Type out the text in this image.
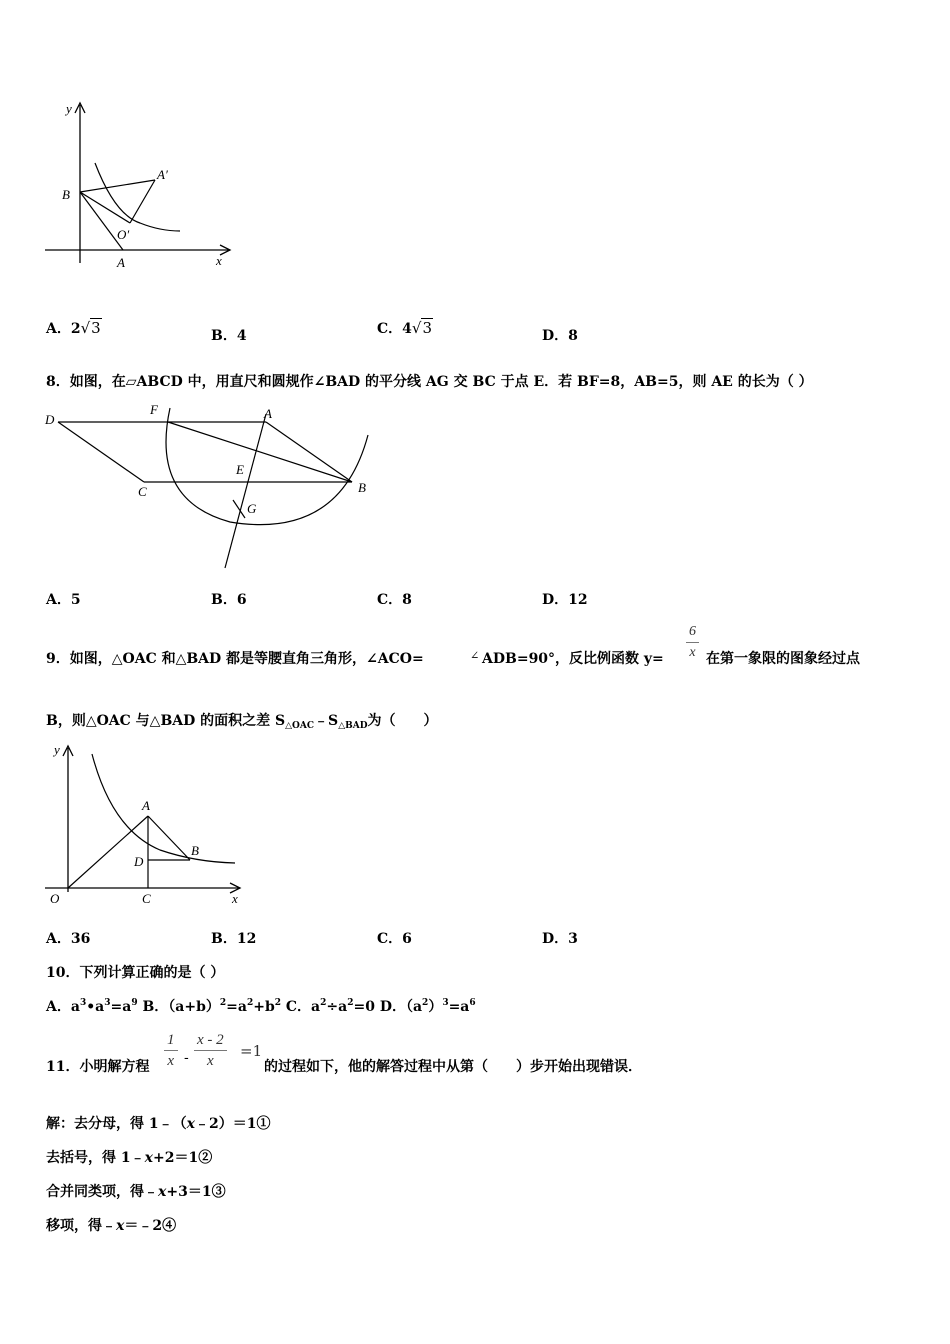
y
x
B
A′
O′
A
A．2√3	B．4	C．4√3	D．8
8．如图，在▱ABCD 中，用直尺和圆规作∠BAD 的平分线 AG 交 BC 于点 E．若 BF=8，AB=5，则 AE 的长为（ ）
D
F	A
E
C	B
G
A．5	B．6	C．8	D．12
9．如图，△OAC 和△BAD 都是等腰直角三角形，∠ACO=	∠ ADB=90°，反比例函数 $y= \frac{6}{x}$ 在第一象限的图象经过点
B，则△OAC 与△BAD 的面积之差 $S_{\triangle OAC}﹣S_{\triangle BAD}$为（　　）
y
x
A
B
D
O	C
A．36	B．12	C．6	D．3
10．下列计算正确的是（ ）
A．$a^3•a^3=a^9$ B．$(a+b)^2=a^2+b^2$ C．$a^2\div a^2=0$ D．$(a^2)^3=a^6$
11．小明解方程 $\frac{1}{x} - \frac{x - 2}{x} =1$
的过程如下，他的解答过程中从第（　　）步开始出现错误．
解：去分母，得 1﹣（x﹣2）＝1①
去括号，得 1﹣x+2＝1②
合并同类项，得﹣x+3＝1③
移项，得﹣x＝﹣2④
